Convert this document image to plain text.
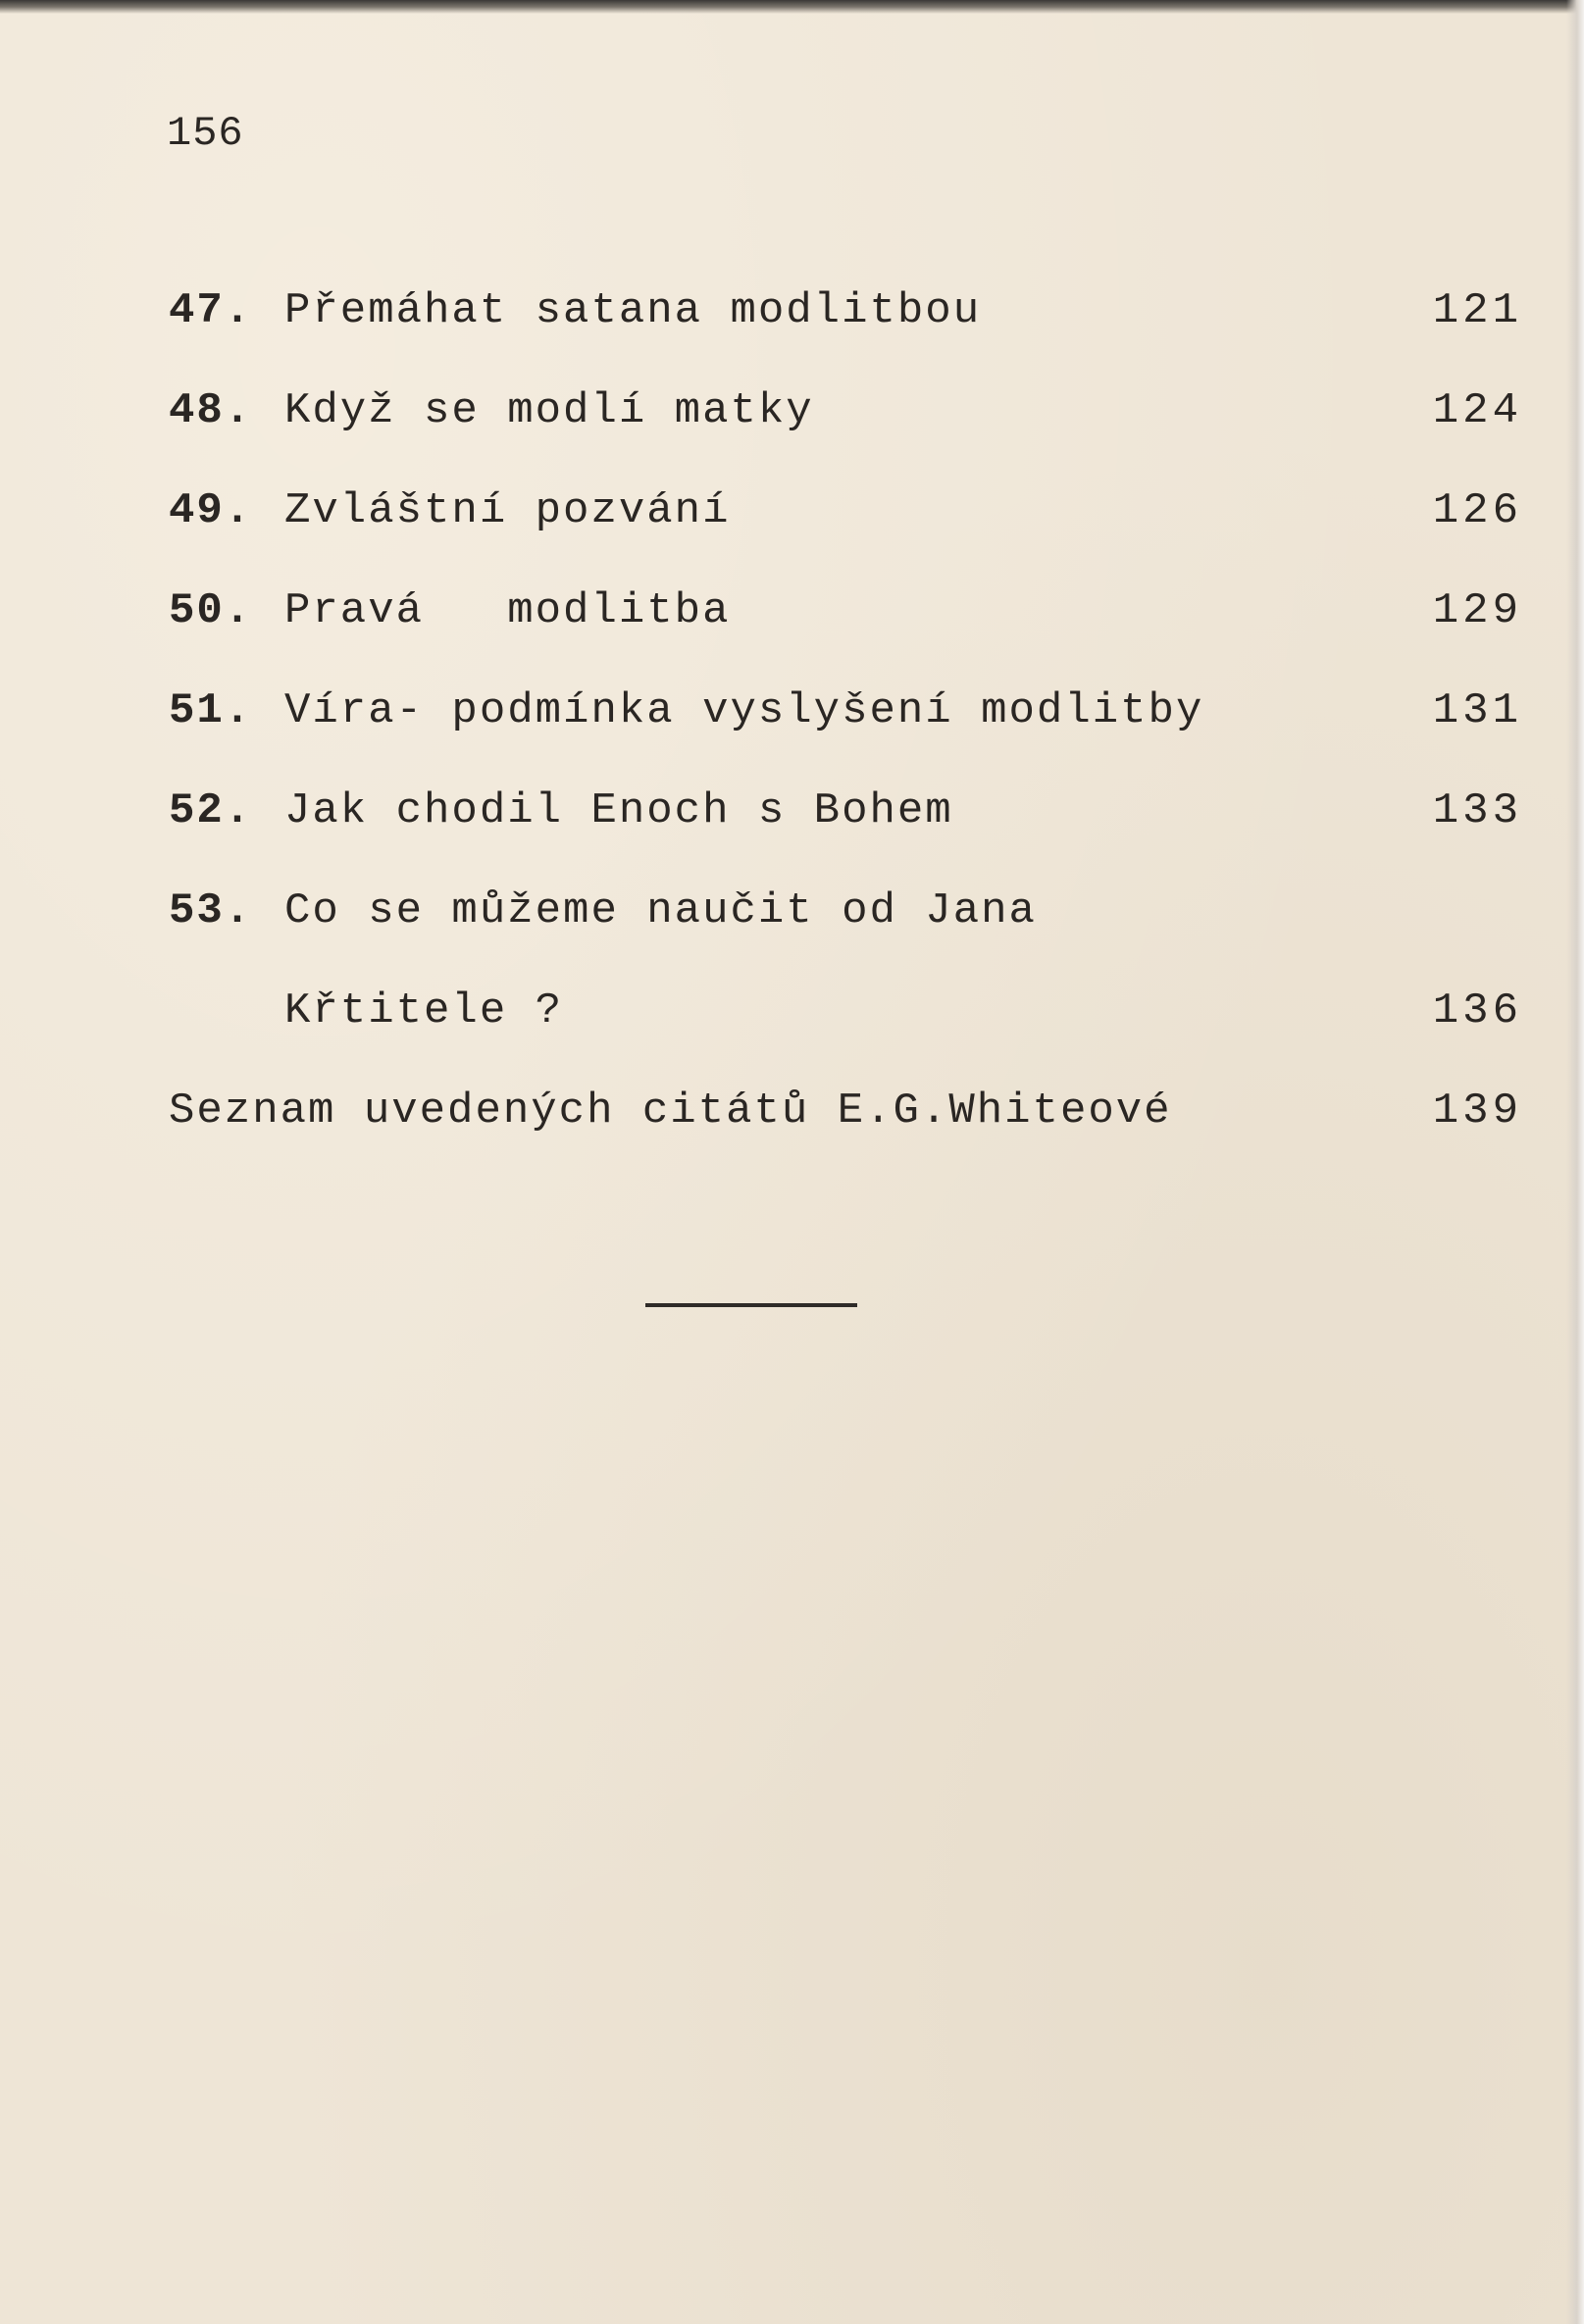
156
47. Přemáhat satana modlitbou	121
48. Když se modlí matky	124
49. Zvláštní pozvání	126
50. Pravá   modlitba	129
51. Víra- podmínka vyslyšení modlitby	131
52. Jak chodil Enoch s Bohem	133
53. Co se můžeme naučit od Jana
Křtitele ?	136
Seznam uvedených citátů E.G.Whiteové	139
